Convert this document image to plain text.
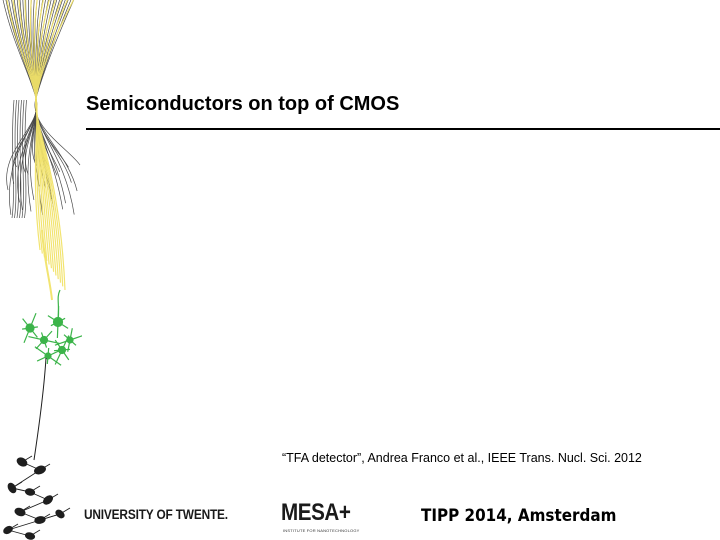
Semiconductors on top of CMOS
“TFA detector”, Andrea Franco et al., IEEE Trans. Nucl. Sci. 2012
UNIVERSITY OF TWENTE. MESA+
INSTITUTE FOR NANOTECHNOLOGY
TIPP 2014, Amsterdam
